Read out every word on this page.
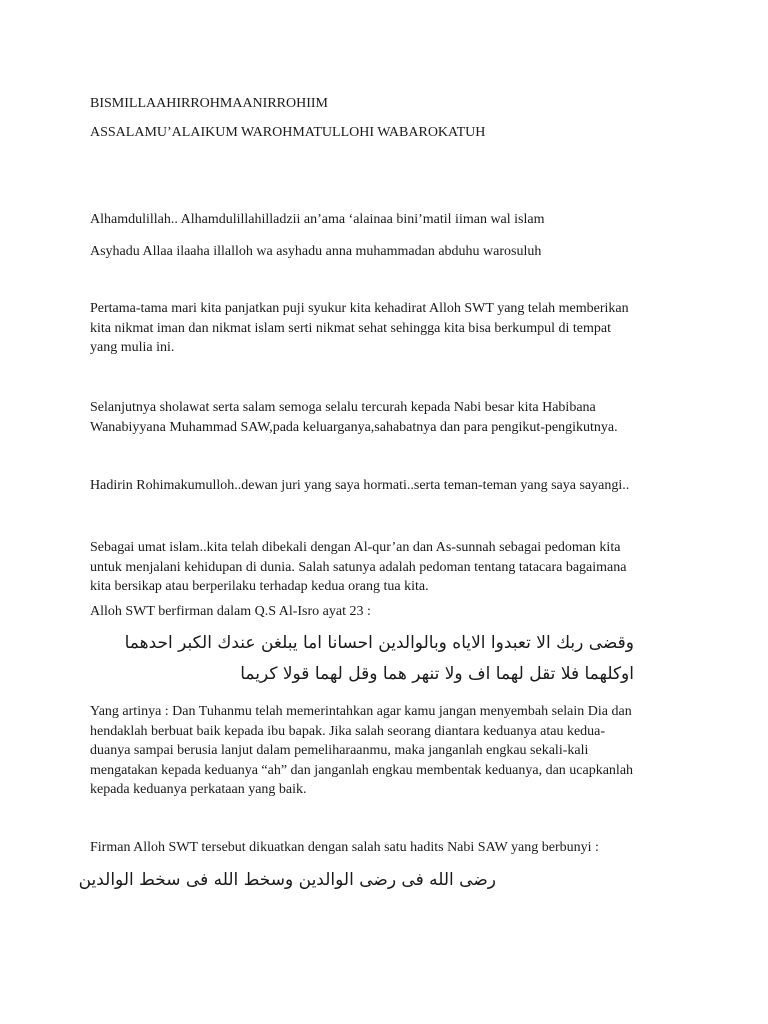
BISMILLAAHIRROHMAANIRROHIIM

ASSALAMU’ALAIKUM WAROHMATULLOHI WABAROKATUH

Alhamdulillah.. Alhamdulillahilladzii an’ama ‘alainaa bini’matil iiman wal islam

Asyhadu Allaa ilaaha illalloh wa asyhadu anna muhammadan abduhu warosuluh

Pertama-tama mari kita panjatkan puji syukur kita kehadirat Alloh SWT yang telah memberikan
kita nikmat iman dan nikmat islam serti nikmat sehat sehingga kita bisa berkumpul di tempat
yang mulia ini.
Selanjutnya sholawat serta salam semoga selalu tercurah kepada Nabi besar kita Habibana
Wanabiyyana Muhammad SAW,pada keluarganya,sahabatnya dan para pengikut-pengikutnya.

Hadirin Rohimakumulloh..dewan juri yang saya hormati..serta teman-teman yang saya sayangi..

Sebagai umat islam..kita telah dibekali dengan Al-qur’an dan As-sunnah sebagai pedoman kita
untuk menjalani kehidupan di dunia. Salah satunya adalah pedoman tentang tatacara bagaimana
kita bersikap atau berperilaku terhadap kedua orang tua kita.

Alloh SWT berfirman dalam Q.S Al-Isro ayat 23 :

وقضى ربك الا تعبدوا الاياه وبالوالدين احسانا اما يبلغن عندك الكبر احدهما

اوكلهما فلا تقل لهما اف ولا تنهر هما وقل لهما قولا كريما

Yang artinya : Dan Tuhanmu telah memerintahkan agar kamu jangan menyembah selain Dia dan
hendaklah berbuat baik kepada ibu bapak. Jika salah seorang diantara keduanya atau kedua-
duanya sampai berusia lanjut dalam pemeliharaanmu, maka janganlah engkau sekali-kali
mengatakan kepada keduanya “ah” dan janganlah engkau membentak keduanya, dan ucapkanlah
kepada keduanya perkataan yang baik.

Firman Alloh SWT tersebut dikuatkan dengan salah satu hadits Nabi SAW yang berbunyi :

رضى الله فى رضى الوالدين وسخط الله فى سخط الوالدين
